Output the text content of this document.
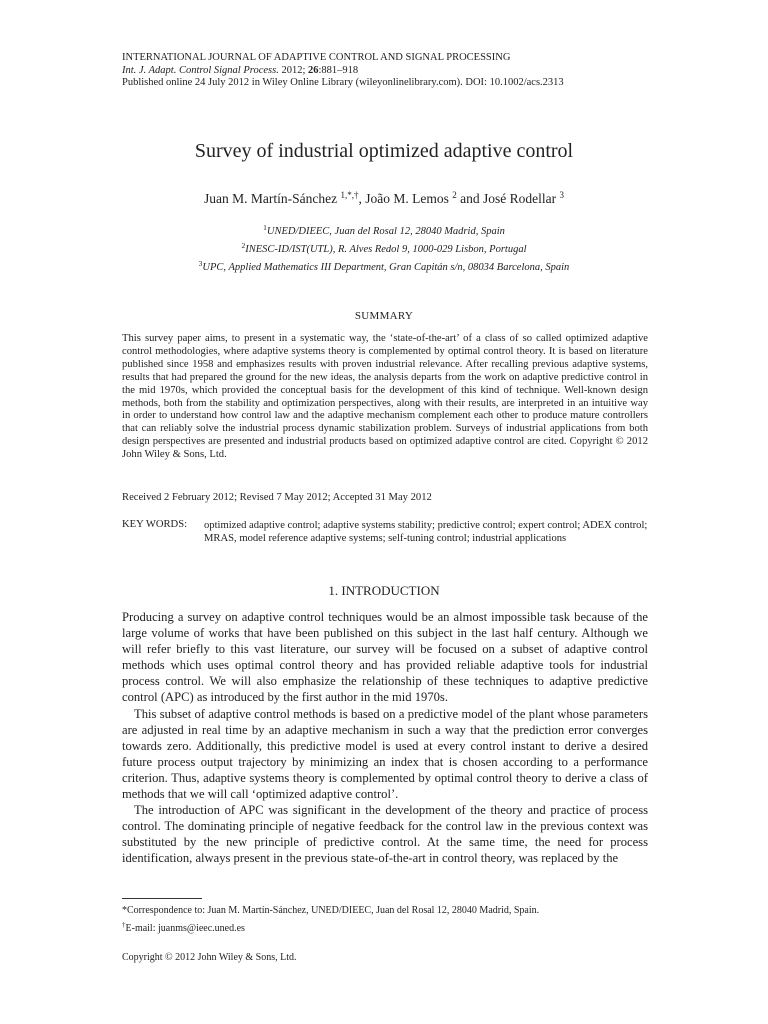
INTERNATIONAL JOURNAL OF ADAPTIVE CONTROL AND SIGNAL PROCESSING
Int. J. Adapt. Control Signal Process. 2012; 26:881–918
Published online 24 July 2012 in Wiley Online Library (wileyonlinelibrary.com). DOI: 10.1002/acs.2313
Survey of industrial optimized adaptive control
Juan M. Martín-Sánchez $^{1,*,\dagger}$, João M. Lemos $^2$ and José Rodellar $^3$
$^1$UNED/DIEEC, Juan del Rosal 12, 28040 Madrid, Spain
$^2$INESC-ID/IST(UTL), R. Alves Redol 9, 1000-029 Lisbon, Portugal
$^3$UPC, Applied Mathematics III Department, Gran Capitán s/n, 08034 Barcelona, Spain
SUMMARY
This survey paper aims, to present in a systematic way, the ‘state-of-the-art’ of a class of so called optimized adaptive control methodologies, where adaptive systems theory is complemented by optimal control theory. It is based on literature published since 1958 and emphasizes results with proven industrial relevance. After recalling previous adaptive systems, results that had prepared the ground for the new ideas, the analysis departs from the work on adaptive predictive control in the mid 1970s, which provided the conceptual basis for the development of this kind of technique. Well-known design methods, both from the stability and optimization perspectives, along with their results, are interpreted in an intuitive way in order to understand how control law and the adaptive mechanism complement each other to produce mature controllers that can reliably solve the industrial process dynamic stabilization problem. Surveys of industrial applications from both design perspectives are presented and industrial products based on optimized adaptive control are cited. Copyright © 2012 John Wiley & Sons, Ltd.
Received 2 February 2012; Revised 7 May 2012; Accepted 31 May 2012
KEY WORDS: optimized adaptive control; adaptive systems stability; predictive control; expert control; ADEX control; MRAS, model reference adaptive systems; self-tuning control; industrial applications
1. INTRODUCTION

Producing a survey on adaptive control techniques would be an almost impossible task because of the large volume of works that have been published on this subject in the last half century. Although we will refer briefly to this vast literature, our survey will be focused on a subset of adaptive control methods which uses optimal control theory and has provided reliable adaptive tools for industrial process control. We will also emphasize the relationship of these techniques to adaptive predictive control (APC) as introduced by the first author in the mid 1970s.

This subset of adaptive control methods is based on a predictive model of the plant whose parameters are adjusted in real time by an adaptive mechanism in such a way that the prediction error converges towards zero. Additionally, this predictive model is used at every control instant to derive a desired future process output trajectory by minimizing an index that is chosen according to a performance criterion. Thus, adaptive systems theory is complemented by optimal control theory to derive a class of methods that we will call ‘optimized adaptive control’.

The introduction of APC was significant in the development of the theory and practice of process control. The dominating principle of negative feedback for the control law in the previous context was substituted by the new principle of predictive control. At the same time, the need for process identification, always present in the previous state-of-the-art in control theory, was replaced by the

*Correspondence to: Juan M. Martín-Sánchez, UNED/DIEEC, Juan del Rosal 12, 28040 Madrid, Spain.
†E-mail: juanms@ieec.uned.es
Copyright © 2012 John Wiley & Sons, Ltd.
